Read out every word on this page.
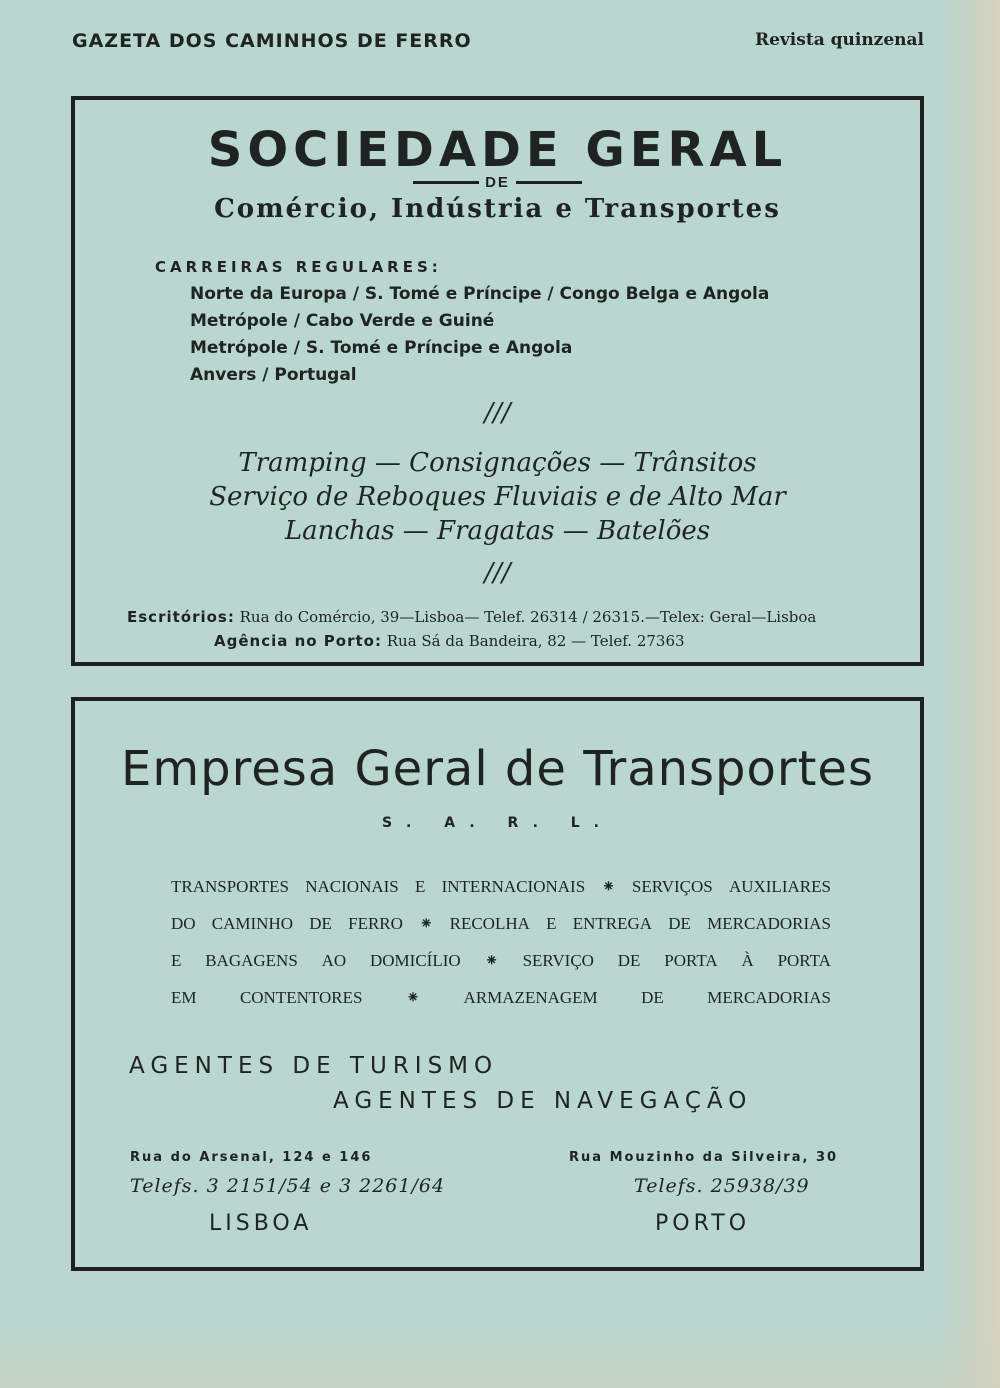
GAZETA DOS CAMINHOS DE FERRO	Revista quinzenal
SOCIEDADE GERAL
DE
Comércio, Indústria e Transportes
CARREIRAS REGULARES:
Norte da Europa / S. Tomé e Príncipe / Congo Belga e Angola
Metrópole / Cabo Verde e Guiné
Metrópole / S. Tomé e Príncipe e Angola
Anvers / Portugal
///
Tramping — Consignações — Trânsitos
Serviço de Reboques Fluviais e de Alto Mar
Lanchas — Fragatas — Batelões
///
Escritórios: Rua do Comércio, 39—Lisboa— Telef. 26314 / 26315.—Telex: Geral—Lisboa
Agência no Porto: Rua Sá da Bandeira, 82 — Telef. 27363
Empresa Geral de Transportes
S. A. R. L.
TRANSPORTES NACIONAIS E INTERNACIONAIS ⁕ SERVIÇOS AUXILIARES
DO CAMINHO DE FERRO ⁕ RECOLHA E ENTREGA DE MERCADORIAS
E BAGAGENS AO DOMICÍLIO ⁕ SERVIÇO DE PORTA À PORTA
EM	CONTENTORES	⁕	ARMAZENAGEM	DE	MERCADORIAS
AGENTES DE TURISMO
AGENTES DE NAVEGAÇÃO
Rua do Arsenal, 124 e 146
Telefs. 3 2151/54 e 3 2261/64
LISBOA
Rua Mouzinho da Silveira, 30
Telefs. 25938/39
PORTO
